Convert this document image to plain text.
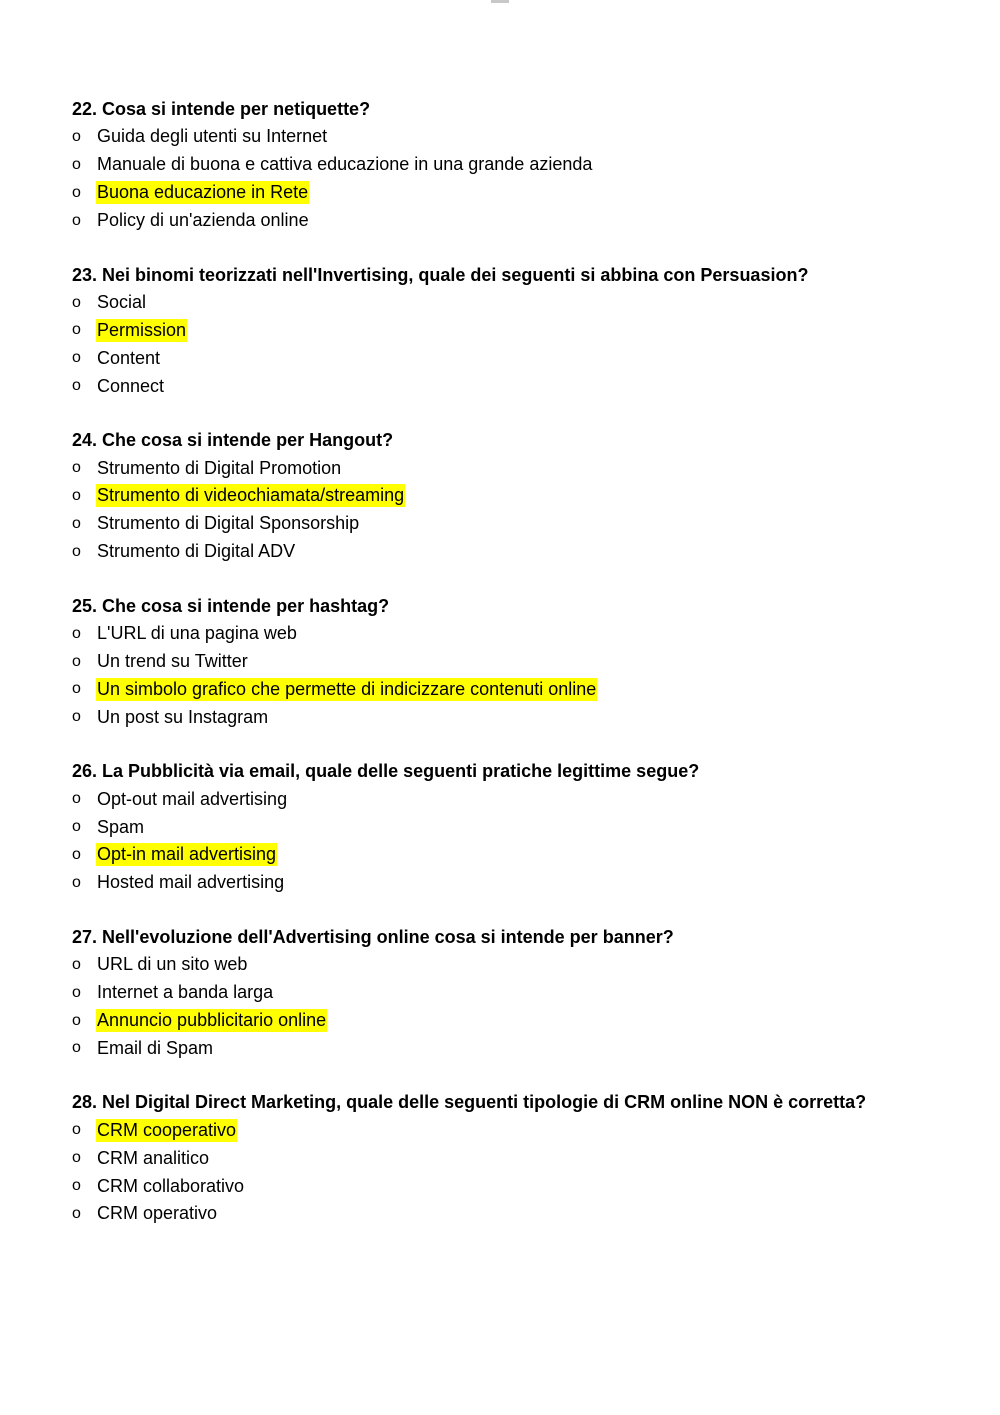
22. Cosa si intende per netiquette?
o Guida degli utenti su Internet
o Manuale di buona e cattiva educazione in una grande azienda
o Buona educazione in Rete
o Policy di un'azienda online
23. Nei binomi teorizzati nell'Invertising, quale dei seguenti si abbina con Persuasion?
o Social
o Permission
o Content
o Connect
24. Che cosa si intende per Hangout?
o Strumento di Digital Promotion
o Strumento di videochiamata/streaming
o Strumento di Digital Sponsorship
o Strumento di Digital ADV
25. Che cosa si intende per hashtag?
o L'URL di una pagina web
o Un trend su Twitter
o Un simbolo grafico che permette di indicizzare contenuti online
o Un post su Instagram
26. La Pubblicità via email, quale delle seguenti pratiche legittime segue?
o Opt-out mail advertising
o Spam
o Opt-in mail advertising
o Hosted mail advertising
27. Nell'evoluzione dell'Advertising online cosa si intende per banner?
o URL di un sito web
o Internet a banda larga
o Annuncio pubblicitario online
o Email di Spam
28. Nel Digital Direct Marketing, quale delle seguenti tipologie di CRM online NON è corretta?
o CRM cooperativo
o CRM analitico
o CRM collaborativo
o CRM operativo
